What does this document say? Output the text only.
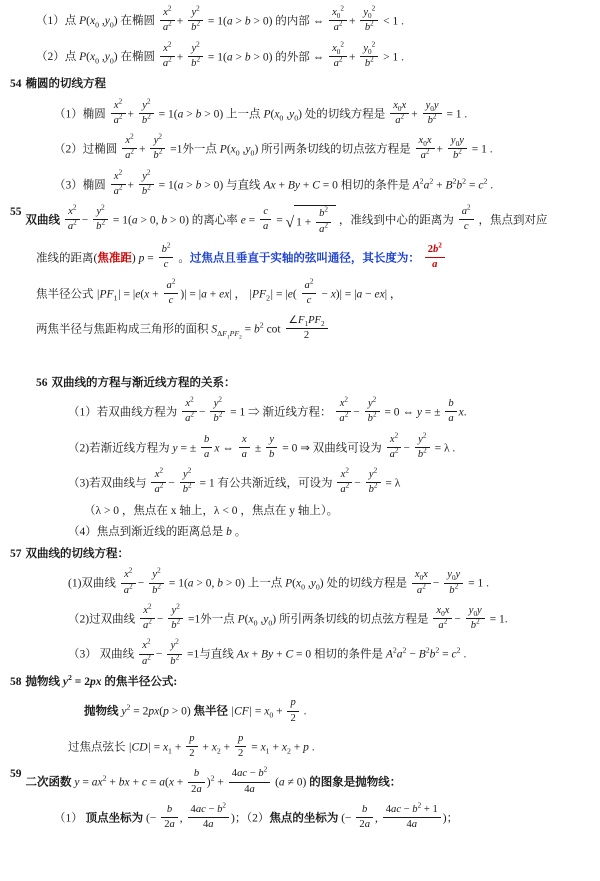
（1）点 $P(x_0$ $,y_0$) 在椭圆 $\frac{x^2}{a^2} + \frac{y^2}{b^2} = 1(a > b > 0)$ 的内部 ⇔ $\frac{x_0^2}{a^2} + \frac{y_0^2}{b^2} < 1$ .
（2）点 $P(x_0$ $,y_0$) 在椭圆 $\frac{x^2}{a^2} + \frac{y^2}{b^2} = 1(a > b > 0)$ 的外部 ⇔ $\frac{x_0^2}{a^2} + \frac{y_0^2}{b^2} > 1$ .
54 椭圆的切线方程
（1）椭圆 $\frac{x^2}{a^2} + \frac{y^2}{b^2} = 1(a > b > 0)$ 上一点 $P(x_0$ $,y_0$) 处的切线方程是 $\frac{x_0x}{a^2} + \frac{y_0y}{b^2} = 1$ .
（2）过椭圆 $\frac{x^2}{a^2} + \frac{y^2}{b^2} =1$外一点 $P(x_0$ $,y_0$) 所引两条切线的切点弦方程是 $\frac{x_0x}{a^2} + \frac{y_0y}{b^2} = 1$ .
（3）椭圆 $\frac{x^2}{a^2} + \frac{y^2}{b^2} = 1(a > b > 0)$ 与直线 Ax + By + C = 0 相切的条件是 $A^2a^2 + B^2b^2 = c^2$ .
55
双曲线 $\frac{x^2}{a^2} - \frac{y^2}{b^2} = 1(a > 0$, b > 0) 的离心率 $e = \frac{c}{a}$ = √ $1 + \frac{b^2}{a^2}$ ，准线到中心的距离为 $\frac{a^2}{c}$ ，焦点到对应
准线的距离(焦准距) $p = \frac{b^2}{c}$ 。过焦点且垂直于实轴的弦叫通径，其长度为： $\frac{2b^2}{a}$
焦半径公式 $|PF_1| = |e(x + \frac{a^2}{c}$ )| = |a + ex| ， $|PF_2| = |e( \frac{a^2}{c} - x)| = |a - ex|$ ，
两焦半径与焦距构成三角形的面积 $S_{\Delta F_1PF_2} = b^2$ $\cot \frac{\angle F_1PF_2}{2}$
56 双曲线的方程与渐近线方程的关系：
（1）若双曲线方程为 $\frac{x^2}{a^2} - \frac{y^2}{b^2} = 1$ ⇒ 渐近线方程： $\frac{x^2}{a^2} - \frac{y^2}{b^2} = 0$ ⇔ y = ± $\frac{b}{a} x$.
（2)若渐近线方程为 y = ± $\frac{b}{a}$ x ⇔ $\frac{x}{a} \pm \frac{y}{b} = 0$ ⇒ 双曲线可设为 $\frac{x^2}{a^2} - \frac{y^2}{b^2} = \lambda$ .
（3)若双曲线与 $\frac{x^2}{a^2} - \frac{y^2}{b^2} = 1$ 有公共渐近线，可设为 $\frac{x^2}{a^2} - \frac{y^2}{b^2} = \lambda$
（λ > 0 ，焦点在 x 轴上，λ < 0 ，焦点在 y 轴上）。
（4）焦点到渐近线的距离总是 b 。
57 双曲线的切线方程：
(1)双曲线 $\frac{x^2}{a^2} - \frac{y^2}{b^2} = 1(a > 0$, b > 0) 上一点 $P(x_0$ $,y_0$) 处的切线方程是 $\frac{x_0x}{a^2} - \frac{y_0y}{b^2} = 1$ .
（2)过双曲线 $\frac{x^2}{a^2} - \frac{y^2}{b^2} =1$外一点 $P(x_0$ $,y_0$) 所引两条切线的切点弦方程是 $\frac{x_0x}{a^2} - \frac{y_0y}{b^2} = 1$.
（3） 双曲线 $\frac{x^2}{a^2} - \frac{y^2}{b^2} =1$与直线 Ax + By + C = 0 相切的条件是 $A^2a^2 - B^2b^2 = c^2$ .
58 抛物线 $y^2 = 2px$ 的焦半径公式:
抛物线 $y^2 = 2px(p > 0)$ 焦半径 $|CF| = x_0 + \frac{p}{2}$ .
过焦点弦长 $|CD| = x_1 + \frac{p}{2} + x_2 + \frac{p}{2} = x_1 + x_2 + p$ .
59
二次函数 $y = ax^2$ + bx + $c = a(x + \frac{b}{2a} )^2 + \frac{4ac - b^2}{4a} (a \ne 0)$ 的图象是抛物线：
（1） 顶点坐标为 (− $\frac{b}{2a}$ , $\frac{4ac - b^2}{4a}$ )；（2）焦点的坐标为 (− $\frac{b}{2a}$ , $\frac{4ac - b^2 + 1}{4a}$ )；
